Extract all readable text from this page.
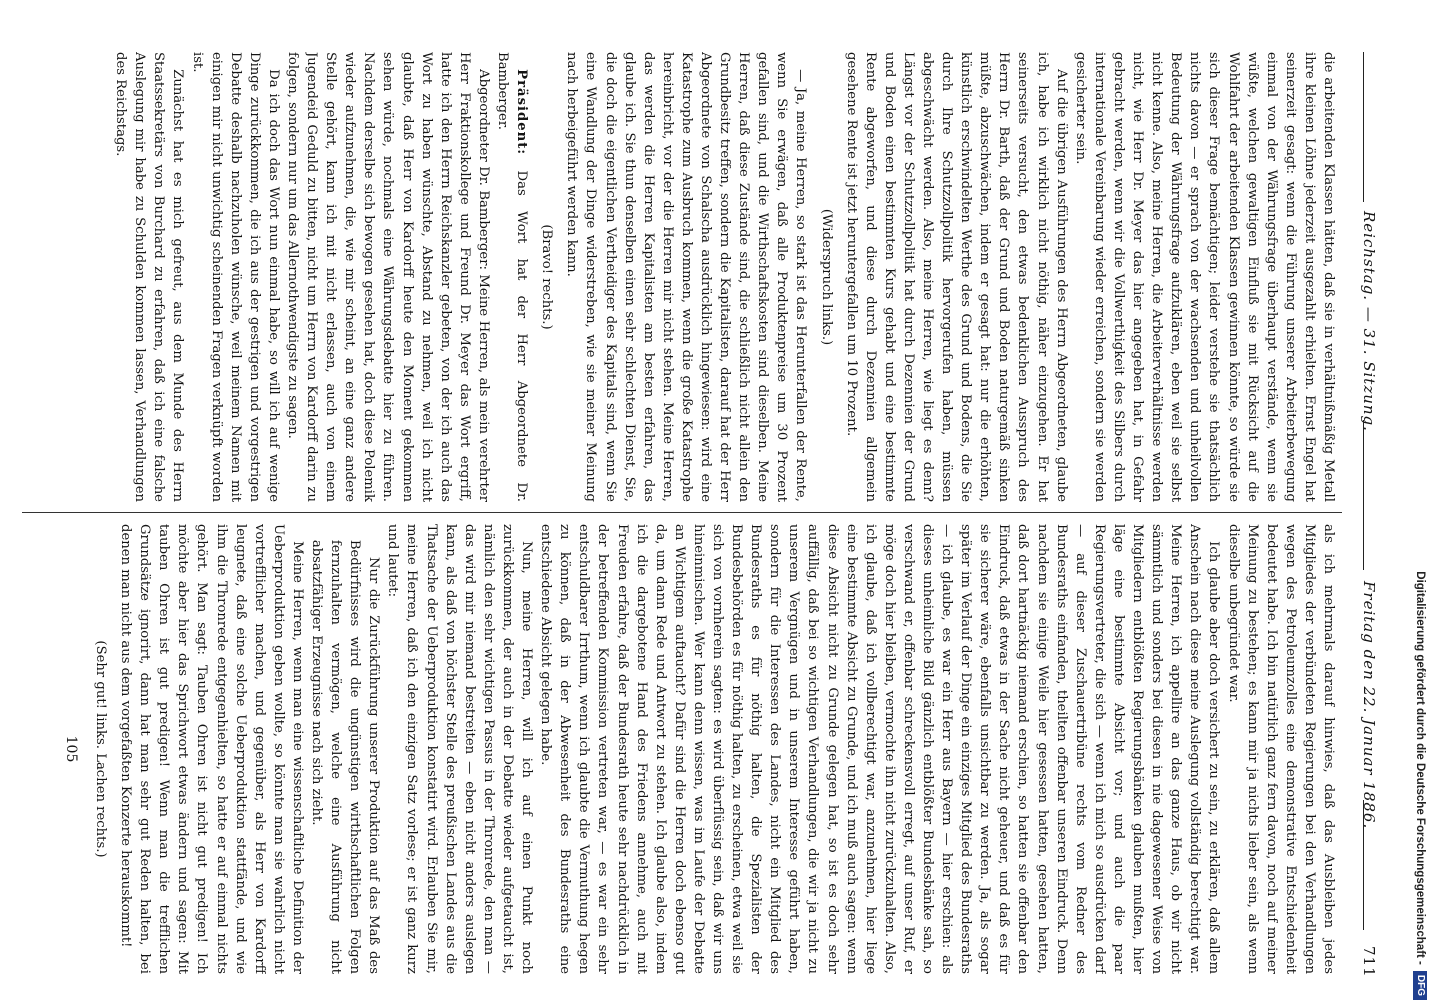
Reichstag. — 31. Sitzung.
Freitag den 22. Januar 1886.
711

die arbeitenden Klassen hätten, daß sie in verhältnißmäßig Metall ihre kleinen Löhne jederzeit ausgezahlt erhielten. Ernst Engel hat seinerzeit gesagt: wenn die Führung unserer Arbeiterbewegung einmal von der Währungsfrage überhaupt verstände, wenn sie wüßte, welchen gewaltigen Einfluß sie mit Rücksicht auf die Wohlfahrt der arbeitenden Klassen gewinnen könnte, so würde sie sich dieser Frage bemächtigen; leider verstehe sie thatsächlich nichts davon — er sprach von der wachsenden und unheilvollen Bedeutung der Währungsfrage aufzuklären, eben weil sie selbst nicht kenne. Also, meine Herren, die Arbeiterverhältnisse werden nicht, wie Herr Dr. Meyer das hier angegeben hat, in Gefahr gebracht werden, wenn wir die Vollwerthigkeit des Silbers durch internationale Vereinbarung wieder erreichen, sondern sie werden gesicherter sein.

Auf die übrigen Ausführungen des Herrn Abgeordneten, glaube ich, habe ich wirklich nicht nöthig, näher einzugehen. Er hat seinerseits versucht, den etwas bedenklichen Ausspruch des Herrn Dr. Barth, daß der Grund und Boden naturgemäß sinken müßte, abzuschwächen, indem er gesagt hat: nur die erhöhten, künstlich erschwindelten Werthe des Grund und Bodens, die Sie durch Ihre Schutzzollpolitik hervorgerufen haben, müssen abgeschwächt werden. Also, meine Herren, wie liegt es denn? Längst vor der Schutzzollpolitik hat durch Dezennien der Grund und Boden einen bestimmten Kurs gehabt und eine bestimmte Rente abgeworfen, und diese durch Dezennien allgemein gesehene Rente ist jetzt heruntergefallen um 10 Prozent.

(Widerspruch links.)

— Ja, meine Herren, so stark ist das Herunterfallen der Rente, wenn Sie erwägen, daß alle Produktenpreise um 30 Prozent gefallen sind, und die Wirthschaftskosten sind dieselben. Meine Herren, daß diese Zustände sind, die schließlich nicht allein den Grundbesitz treffen, sondern die Kapitalisten, darauf hat der Herr Abgeordnete von Schalscha ausdrücklich hingewiesen: wird eine Katastrophe zum Ausbruch kommen, wenn die große Katastrophe hereinbricht, vor der die Herren mir nicht stehen. Meine Herren, das werden die Herren Kapitalisten am besten erfahren, das glaube ich. Sie thun denselben einen sehr schlechten Dienst, Sie, die doch die eigentlichen Vertheidiger des Kapitals sind, wenn Sie eine Wandlung der Dinge widerstreben, wie sie meiner Meinung nach herbeigeführt werden kann.

(Bravo! rechts.)

Präsident: Das Wort hat der Herr Abgeordnete Dr. Bamberger.

Abgeordneter Dr. Bamberger: Meine Herren, als mein verehrter Herr Fraktionskollege und Freund Dr. Meyer das Wort ergriff, hatte ich den Herrn Reichskanzler gebeten, von der ich auch das Wort zu haben wünschte, Abstand zu nehmen, weil ich nicht glaubte, daß Herr von Kardorff heute den Moment gekommen sehen würde, nochmals eine Währungsdebatte hier zu führen. Nachdem derselbe sich bewogen gesehen hat, doch diese Polemik wieder aufzunehmen, die, wie mir scheint, an eine ganz andere Stelle gehört, kann ich mit nicht erlassen, auch von einem Jugendeid Geduld zu bitten, nicht um Herrn von Kardorff darin zu folgen, sondern nur um das Allernothwendigste zu sagen.

Da ich doch das Wort nun einmal habe, so will ich auf wenige Dinge zurückkommen, die ich aus der gestrigen und vorgestrigen Debatte deshalb nachzuholen wünsche, weil meinem Namen mit einigen mir nicht unwichtig scheinenden Fragen verknüpft worden ist.

Zunächst hat es mich gefreut, aus dem Munde des Herrn Staatssekretärs von Burchard zu erfahren, daß ich eine falsche Auslegung mir habe zu Schulden kommen lassen, Verhandlungen des Reichstags.

als ich mehrmals darauf hinwies, daß das Ausbleiben jedes Mitgliedes der verbündeten Regierungen bei den Verhandlungen wegen des Petroleumzolles eine demonstrative Entschiedenheit bedeutet habe. Ich bin natürlich ganz fern davon, noch auf meiner Meinung zu bestehen; es kann mir ja nichts lieber sein, als wenn dieselbe unbegründet war.

Ich glaube aber doch versichert zu sein, zu erklären, daß allem Anschein nach diese meine Auslegung vollständig berechtigt war. Meine Herren, ich appellire an das ganze Haus, ob wir nicht sämmtlich und sonders bei diesen in nie dagewesener Weise von Mitgliedern entblößten Regierungsbänken glauben mußten, hier läge eine bestimmte Absicht vor; und auch die paar Regierungsvertreter, die sich — wenn ich mich so ausdrücken darf — auf dieser Zuschauertribüne rechts vom Redner des Bundesraths einfanden, theilten offenbar unseren Eindruck. Denn nachdem sie einige Weile hier gesessen hatten, gesehen hatten, daß dort hartnäckig niemand erschien, so hatten sie offenbar den Eindruck, daß etwas in der Sache nicht geheuer, und daß es für sie sicherer wäre, ebenfalls unsichtbar zu werden. Ja, als sogar später im Verlauf der Dinge ein einziges Mitglied des Bundesraths — ich glaube, es war ein Herr aus Bayern — hier erschien: als dieses unheimliche Bild gänzlich entblößter Bundesbänke sah, so verschwand er, offenbar schreckensvoll erregt, auf unser Ruf, er möge doch hier bleiben, vermochte ihn nicht zurückzuhalten. Also, ich glaube, daß ich vollberechtigt war, anzunehmen, hier liege eine bestimmte Absicht zu Grunde, und ich muß auch sagen: wenn diese Absicht nicht zu Grunde gelegen hat, so ist es doch sehr auffällig, daß bei so wichtigen Verhandlungen, die wir ja nicht zu unserem Vergnügen und in unserem Interesse geführt haben, sondern für die Interessen des Landes, nicht ein Mitglied des Bundesraths es für nöthig halten, die Spezialisten der Bundesbehörden es für nöthig halten, zu erscheinen, etwa weil sie sich von vornherein sagten: es wird überflüssig sein, daß wir uns hineinmischen. Wer kann denn wissen, was im Laufe der Debatte an Wichtigem auftaucht? Dafür sind die Herren doch ebenso gut da, um dann Rede und Antwort zu stehen. Ich glaube also, indem ich die dargebotene Hand des Friedens annehme, auch mit Freuden erfahre, daß der Bundesrath heute sehr nachdrücklich in der betreffenden Kommission vertreten war, — es war ein sehr entschuldbarer Irrthum, wenn ich glaubte die Vermuthung hegen zu können, daß in der Abwesenheit des Bundesraths eine entschiedene Absicht gelegen habe.

Nun, meine Herren, will ich auf einen Punkt noch zurückkommen, der auch in der Debatte wieder aufgetaucht ist, nämlich den sehr wichtigen Passus in der Thronrede, den man — das wird mir niemand bestreiten — eben nicht anders auslegen kann, als daß von höchster Stelle des preußischen Landes aus die Thatsache der Ueberproduktion konstatirt wird. Erlauben Sie mir, meine Herren, daß ich den einzigen Satz vorlese; er ist ganz kurz und lautet:

Nur die Zurückführung unserer Produktion auf das Maß des Bedürfnisses wird die ungünstigen wirthschaftlichen Folgen fernzuhalten vermögen, welche eine Ausführung nicht absatzfähiger Erzeugnisse nach sich zieht.

Meine Herren, wenn man eine wissenschaftliche Definition der Ueberproduktion geben wollte, so könnte man sie wahrlich nicht vortrefflicher machen, und gegenüber, als Herr von Kardorff leugnete, daß eine solche Ueberproduktion stattfände, und wie ihm die Thronrede entgegenhielten, so hatte er auf einmal nichts gehört. Man sagt: Tauben Ohren ist nicht gut predigen! Ich möchte aber hier das Sprichwort etwas ändern und sagen: Mit tauben Ohren ist gut predigen! Wenn man die trefflichen Grundsätze ignorirt, dann hat man sehr gut Reden halten, bei denen man nicht aus dem vorgefaßten Konzerte herauskommt!

(Sehr gut! links. Lachen rechts.)

105	Digitalisierung gefördert durch die Deutsche Forschungsgemeinschaft -DFG
